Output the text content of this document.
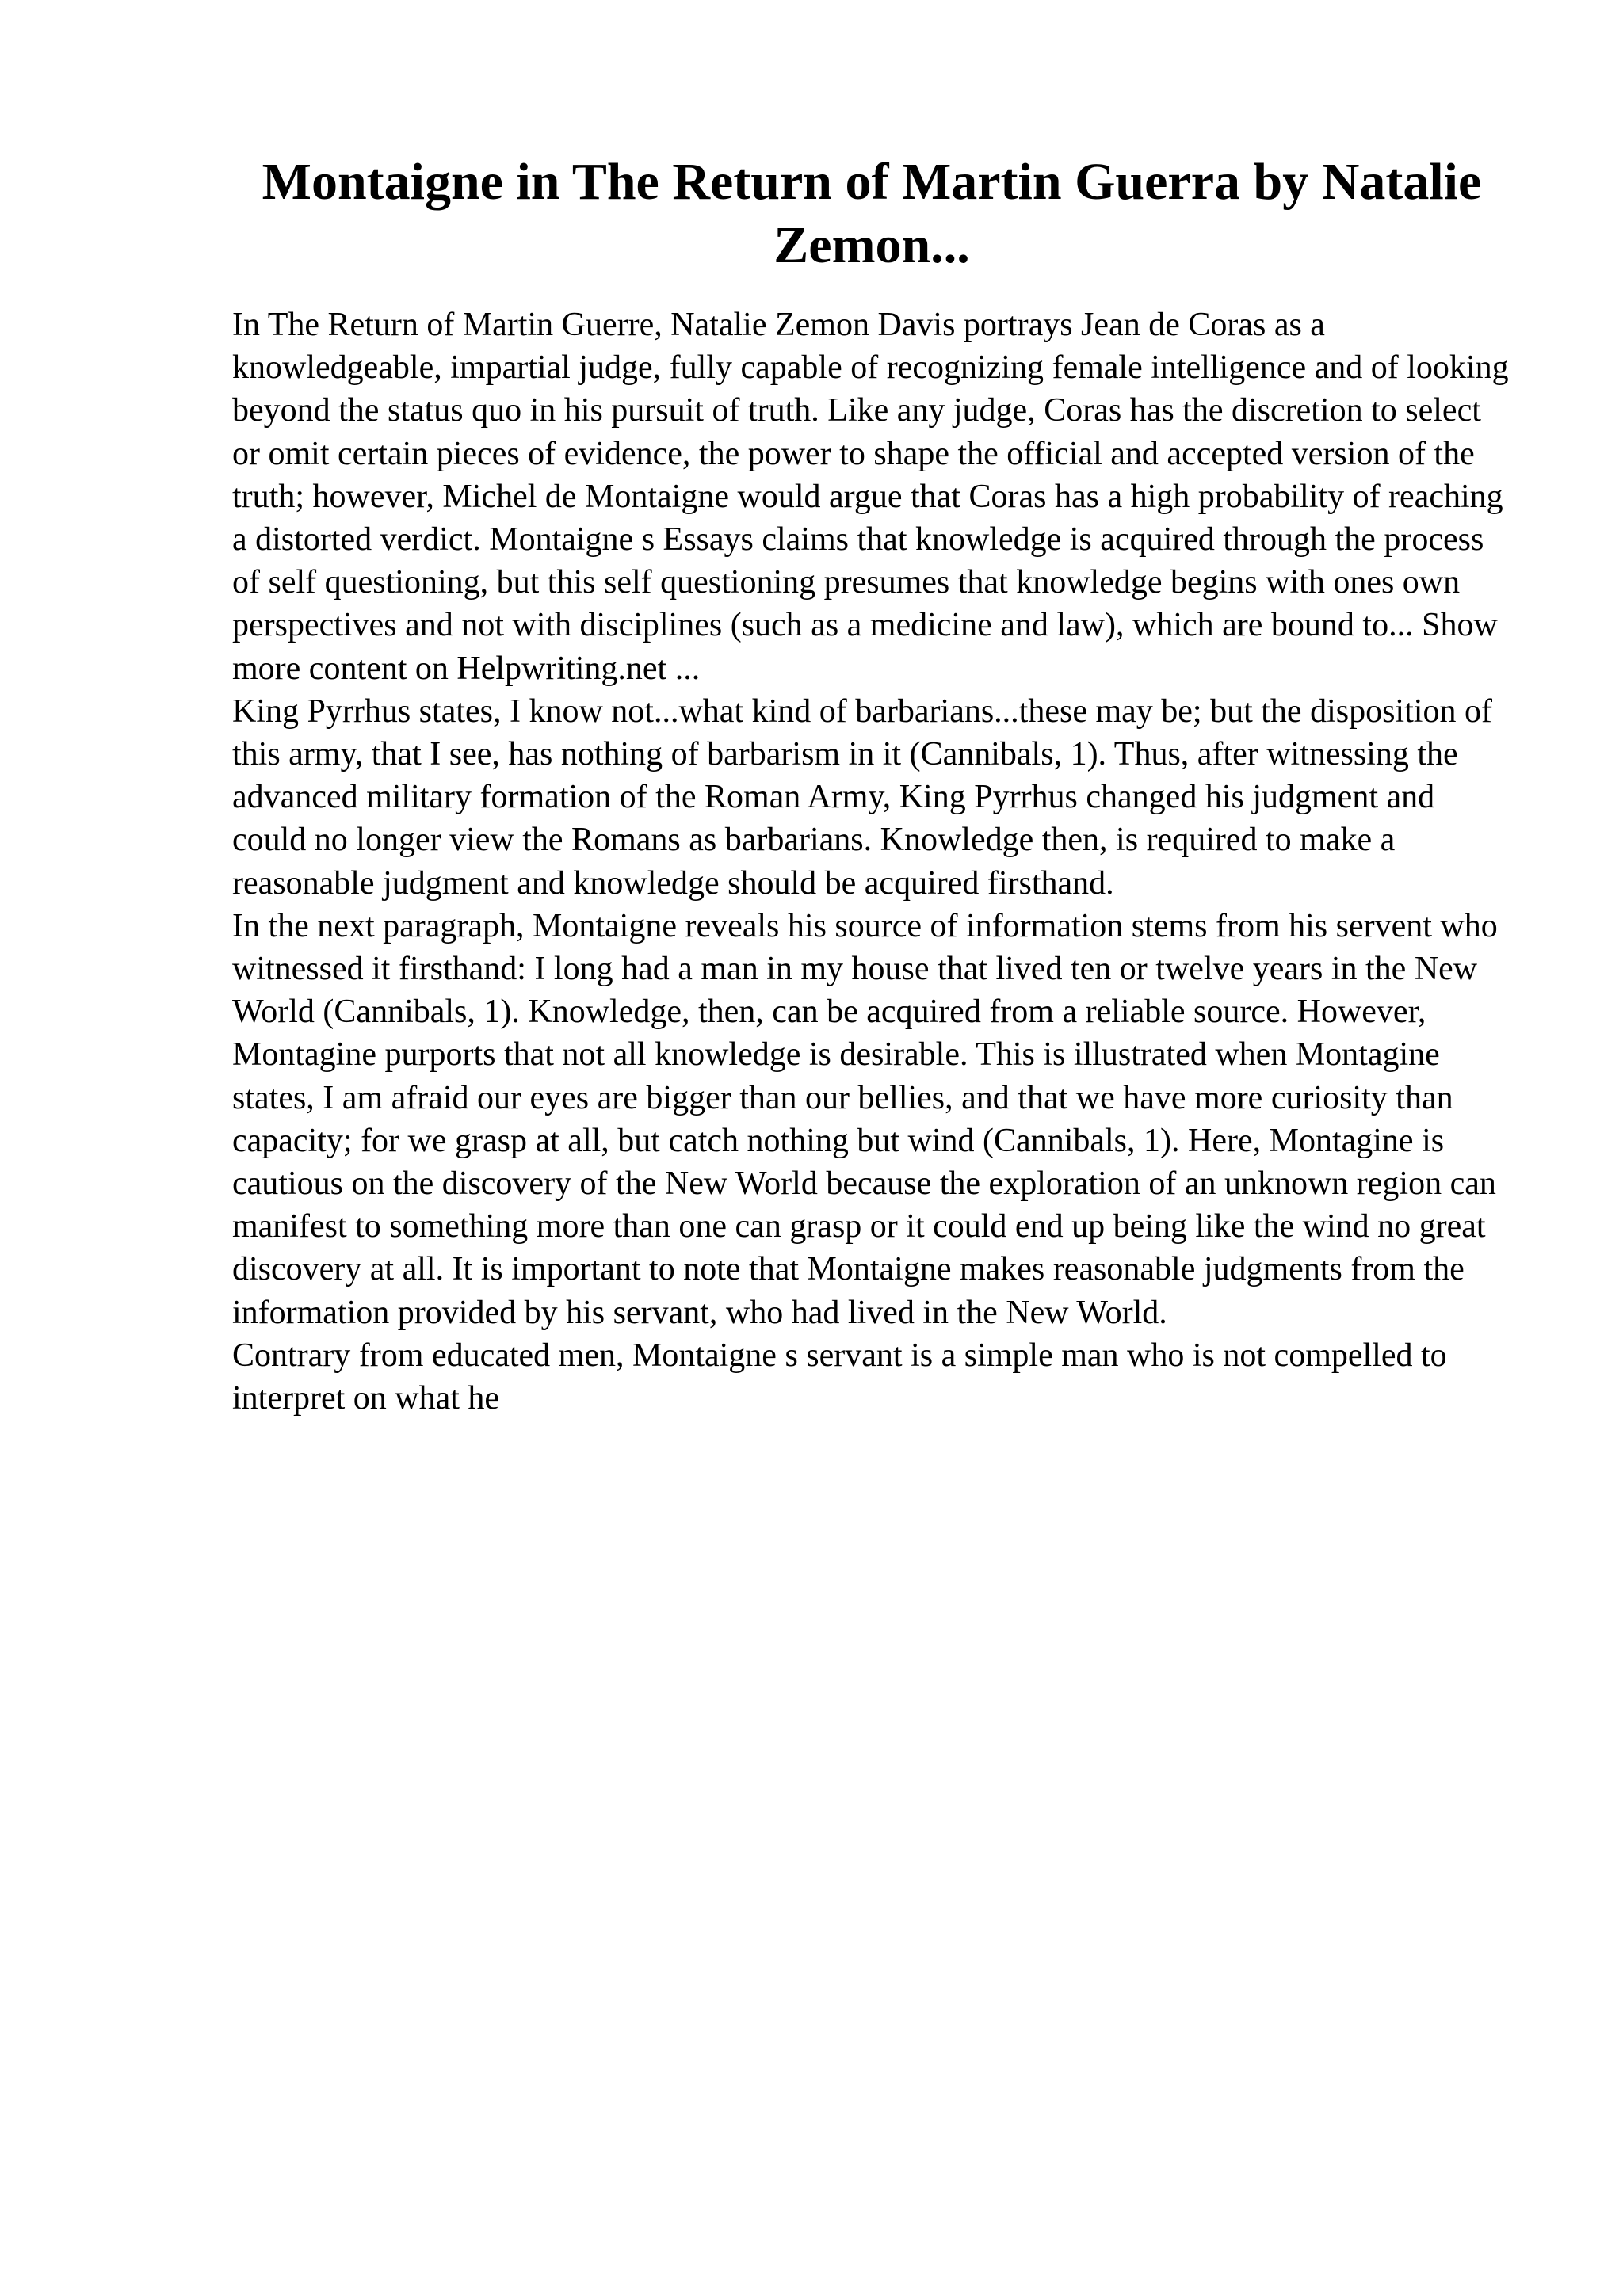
Montaigne in The Return of Martin Guerra by Natalie Zemon...

In The Return of Martin Guerre, Natalie Zemon Davis portrays Jean de Coras as a knowledgeable, impartial judge, fully capable of recognizing female intelligence and of looking beyond the status quo in his pursuit of truth. Like any judge, Coras has the discretion to select or omit certain pieces of evidence, the power to shape the official and accepted version of the truth; however, Michel de Montaigne would argue that Coras has a high probability of reaching a distorted verdict. Montaigne s Essays claims that knowledge is acquired through the process of self questioning, but this self questioning presumes that knowledge begins with ones own perspectives and not with disciplines (such as a medicine and law), which are bound to... Show more content on Helpwriting.net ...

King Pyrrhus states, I know not...what kind of barbarians...these may be; but the disposition of this army, that I see, has nothing of barbarism in it (Cannibals, 1). Thus, after witnessing the advanced military formation of the Roman Army, King Pyrrhus changed his judgment and could no longer view the Romans as barbarians. Knowledge then, is required to make a reasonable judgment and knowledge should be acquired firsthand.

In the next paragraph, Montaigne reveals his source of information stems from his servent who witnessed it firsthand: I long had a man in my house that lived ten or twelve years in the New World (Cannibals, 1). Knowledge, then, can be acquired from a reliable source. However, Montagine purports that not all knowledge is desirable. This is illustrated when Montagine states, I am afraid our eyes are bigger than our bellies, and that we have more curiosity than capacity; for we grasp at all, but catch nothing but wind (Cannibals, 1). Here, Montagine is cautious on the discovery of the New World because the exploration of an unknown region can manifest to something more than one can grasp or it could end up being like the wind no great discovery at all. It is important to note that Montaigne makes reasonable judgments from the information provided by his servant, who had lived in the New World.

Contrary from educated men, Montaigne s servant is a simple man who is not compelled to interpret on what he
